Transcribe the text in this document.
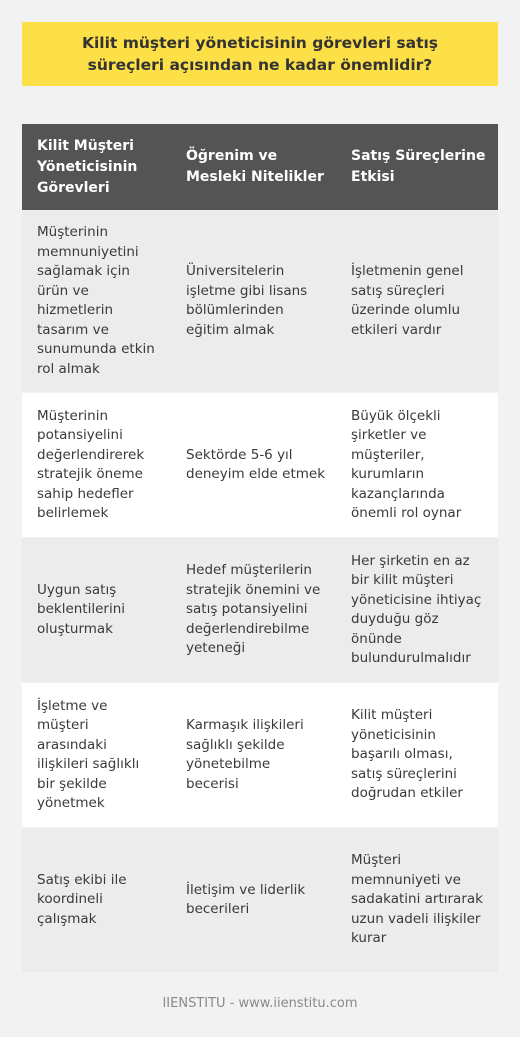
Kilit müşteri yöneticisinin görevleri satış süreçleri açısından ne kadar önemlidir?
Kilit Müşteri Yöneticisinin Görevleri	Öğrenim ve Mesleki Nitelikler	Satış Süreçlerine Etkisi
Müşterinin memnuniyetini sağlamak için ürün ve hizmetlerin tasarım ve sunumunda etkin rol almak	Üniversitelerin işletme gibi lisans bölümlerinden eğitim almak	İşletmenin genel satış süreçleri üzerinde olumlu etkileri vardır
Müşterinin potansiyelini değerlendirerek stratejik öneme sahip hedefler belirlemek	Sektörde 5-6 yıl deneyim elde etmek	Büyük ölçekli şirketler ve müşteriler, kurumların kazançlarında önemli rol oynar
Uygun satış beklentilerini oluşturmak	Hedef müşterilerin stratejik önemini ve satış potansiyelini değerlendirebilme yeteneği	Her şirketin en az bir kilit müşteri yöneticisine ihtiyaç duyduğu göz önünde bulundurulmalıdır
İşletme ve müşteri arasındaki ilişkileri sağlıklı bir şekilde yönetmek	Karmaşık ilişkileri sağlıklı şekilde yönetebilme becerisi	Kilit müşteri yöneticisinin başarılı olması, satış süreçlerini doğrudan etkiler
Satış ekibi ile koordineli çalışmak	İletişim ve liderlik becerileri	Müşteri memnuniyeti ve sadakatini artırarak uzun vadeli ilişkiler kurar
IIENSTITU - www.iienstitu.com
